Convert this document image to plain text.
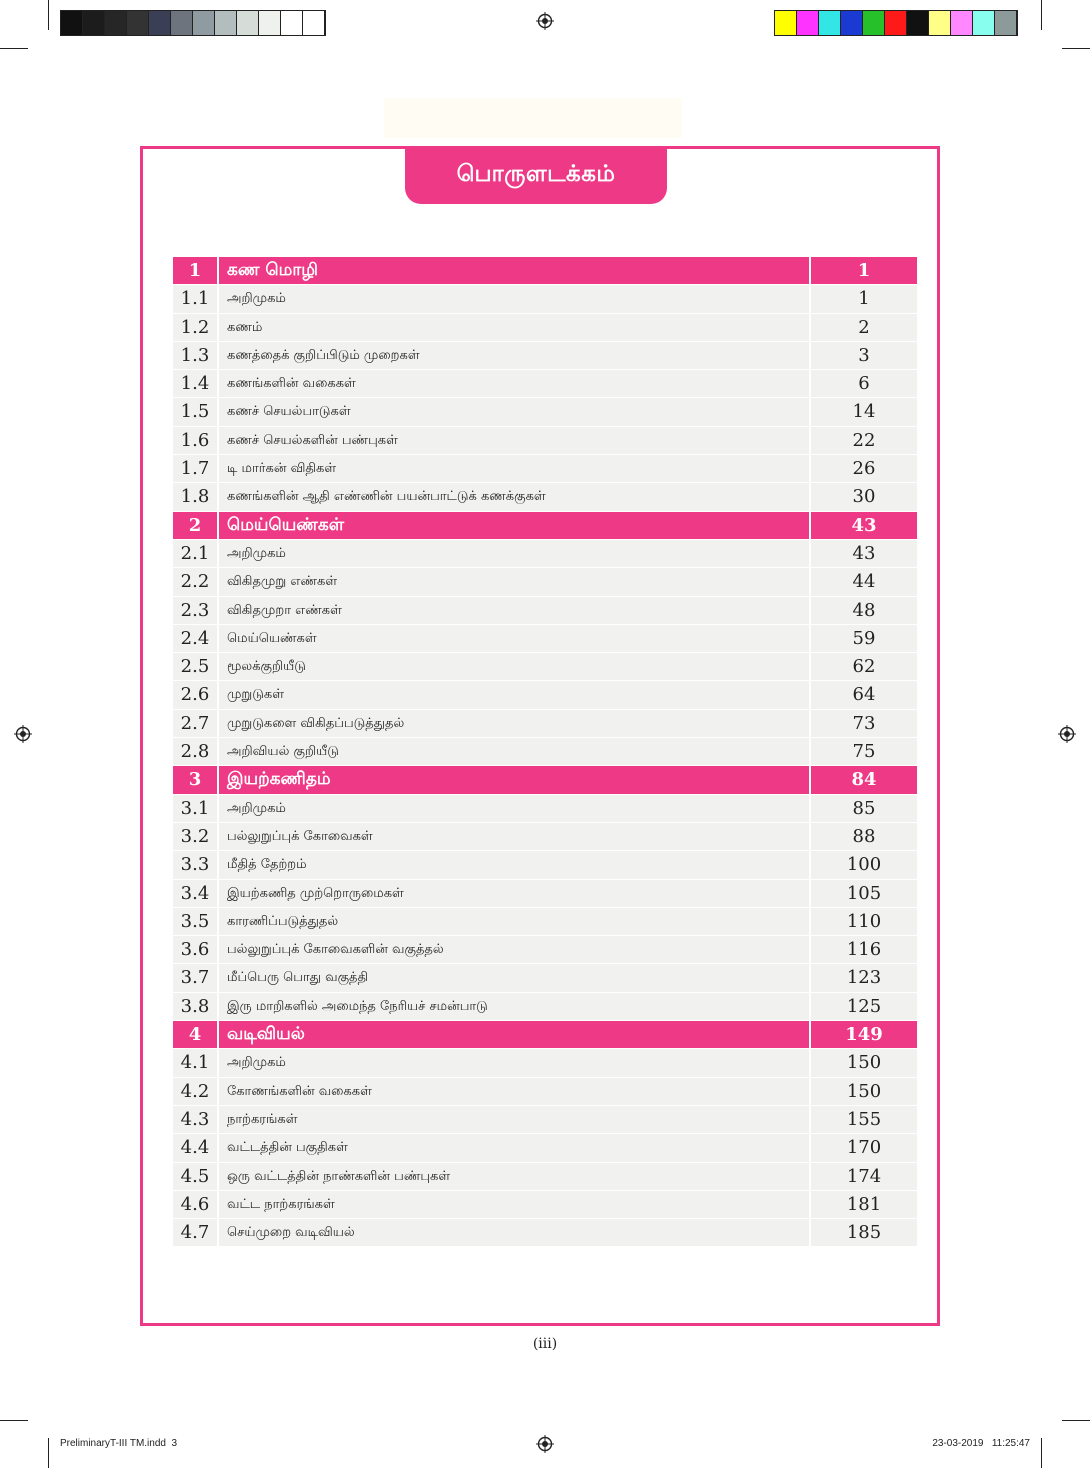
பொருளடக்கம்
1	கண மொழி	1
1.1	அறிமுகம்	1
1.2	கணம்	2
1.3	கணத்தைக் குறிப்பிடும் முறைகள்	3
1.4	கணங்களின் வகைகள்	6
1.5	கணச் செயல்பாடுகள்	14
1.6	கணச் செயல்களின் பண்புகள்	22
1.7	டி மார்கன் விதிகள்	26
1.8	கணங்களின் ஆதி எண்ணின் பயன்பாட்டுக் கணக்குகள்	30
2	மெய்யெண்கள்	43
2.1	அறிமுகம்	43
2.2	விகிதமுறு எண்கள்	44
2.3	விகிதமுறா எண்கள்	48
2.4	மெய்யெண்கள்	59
2.5	மூலக்குறியீடு	62
2.6	முறுடுகள்	64
2.7	முறுடுகளை விகிதப்படுத்துதல்	73
2.8	அறிவியல் குறியீடு	75
3	இயற்கணிதம்	84
3.1	அறிமுகம்	85
3.2	பல்லுறுப்புக் கோவைகள்	88
3.3	மீதித் தேற்றம்	100
3.4	இயற்கணித முற்றொருமைகள்	105
3.5	காரணிப்படுத்துதல்	110
3.6	பல்லுறுப்புக் கோவைகளின் வகுத்தல்	116
3.7	மீப்பெரு பொது வகுத்தி	123
3.8	இரு மாறிகளில் அமைந்த நேரியச் சமன்பாடு	125
4	வடிவியல்	149
4.1	அறிமுகம்	150
4.2	கோணங்களின் வகைகள்	150
4.3	நாற்கரங்கள்	155
4.4	வட்டத்தின் பகுதிகள்	170
4.5	ஒரு வட்டத்தின் நாண்களின் பண்புகள்	174
4.6	வட்ட நாற்கரங்கள்	181
4.7	செய்முறை வடிவியல்	185
(iii)
PreliminaryT-III TM.indd 3	23-03-2019 11:25:47
